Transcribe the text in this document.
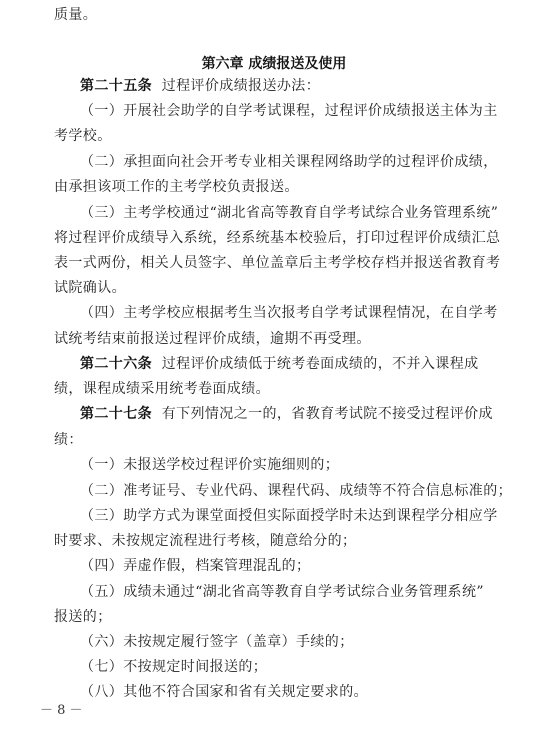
质量。
第六章 成绩报送及使用
第二十五条 过程评价成绩报送办法：
（一）开展社会助学的自学考试课程，过程评价成绩报送主体为主
考学校。
（二）承担面向社会开考专业相关课程网络助学的过程评价成绩，
由承担该项工作的主考学校负责报送。
（三）主考学校通过“湖北省高等教育自学考试综合业务管理系统”
将过程评价成绩导入系统，经系统基本校验后，打印过程评价成绩汇总
表一式两份，相关人员签字、单位盖章后主考学校存档并报送省教育考
试院确认。
（四）主考学校应根据考生当次报考自学考试课程情况，在自学考
试统考结束前报送过程评价成绩，逾期不再受理。
第二十六条 过程评价成绩低于统考卷面成绩的，不并入课程成
绩，课程成绩采用统考卷面成绩。
第二十七条 有下列情况之一的，省教育考试院不接受过程评价成
绩：
（一）未报送学校过程评价实施细则的；
（二）准考证号、专业代码、课程代码、成绩等不符合信息标准的；
（三）助学方式为课堂面授但实际面授学时未达到课程学分相应学
时要求、未按规定流程进行考核，随意给分的；
（四）弄虚作假，档案管理混乱的；
（五）成绩未通过“湖北省高等教育自学考试综合业务管理系统”
报送的；
（六）未按规定履行签字（盖章）手续的；
（七）不按规定时间报送的；
（八）其他不符合国家和省有关规定要求的。
－ 8 －
